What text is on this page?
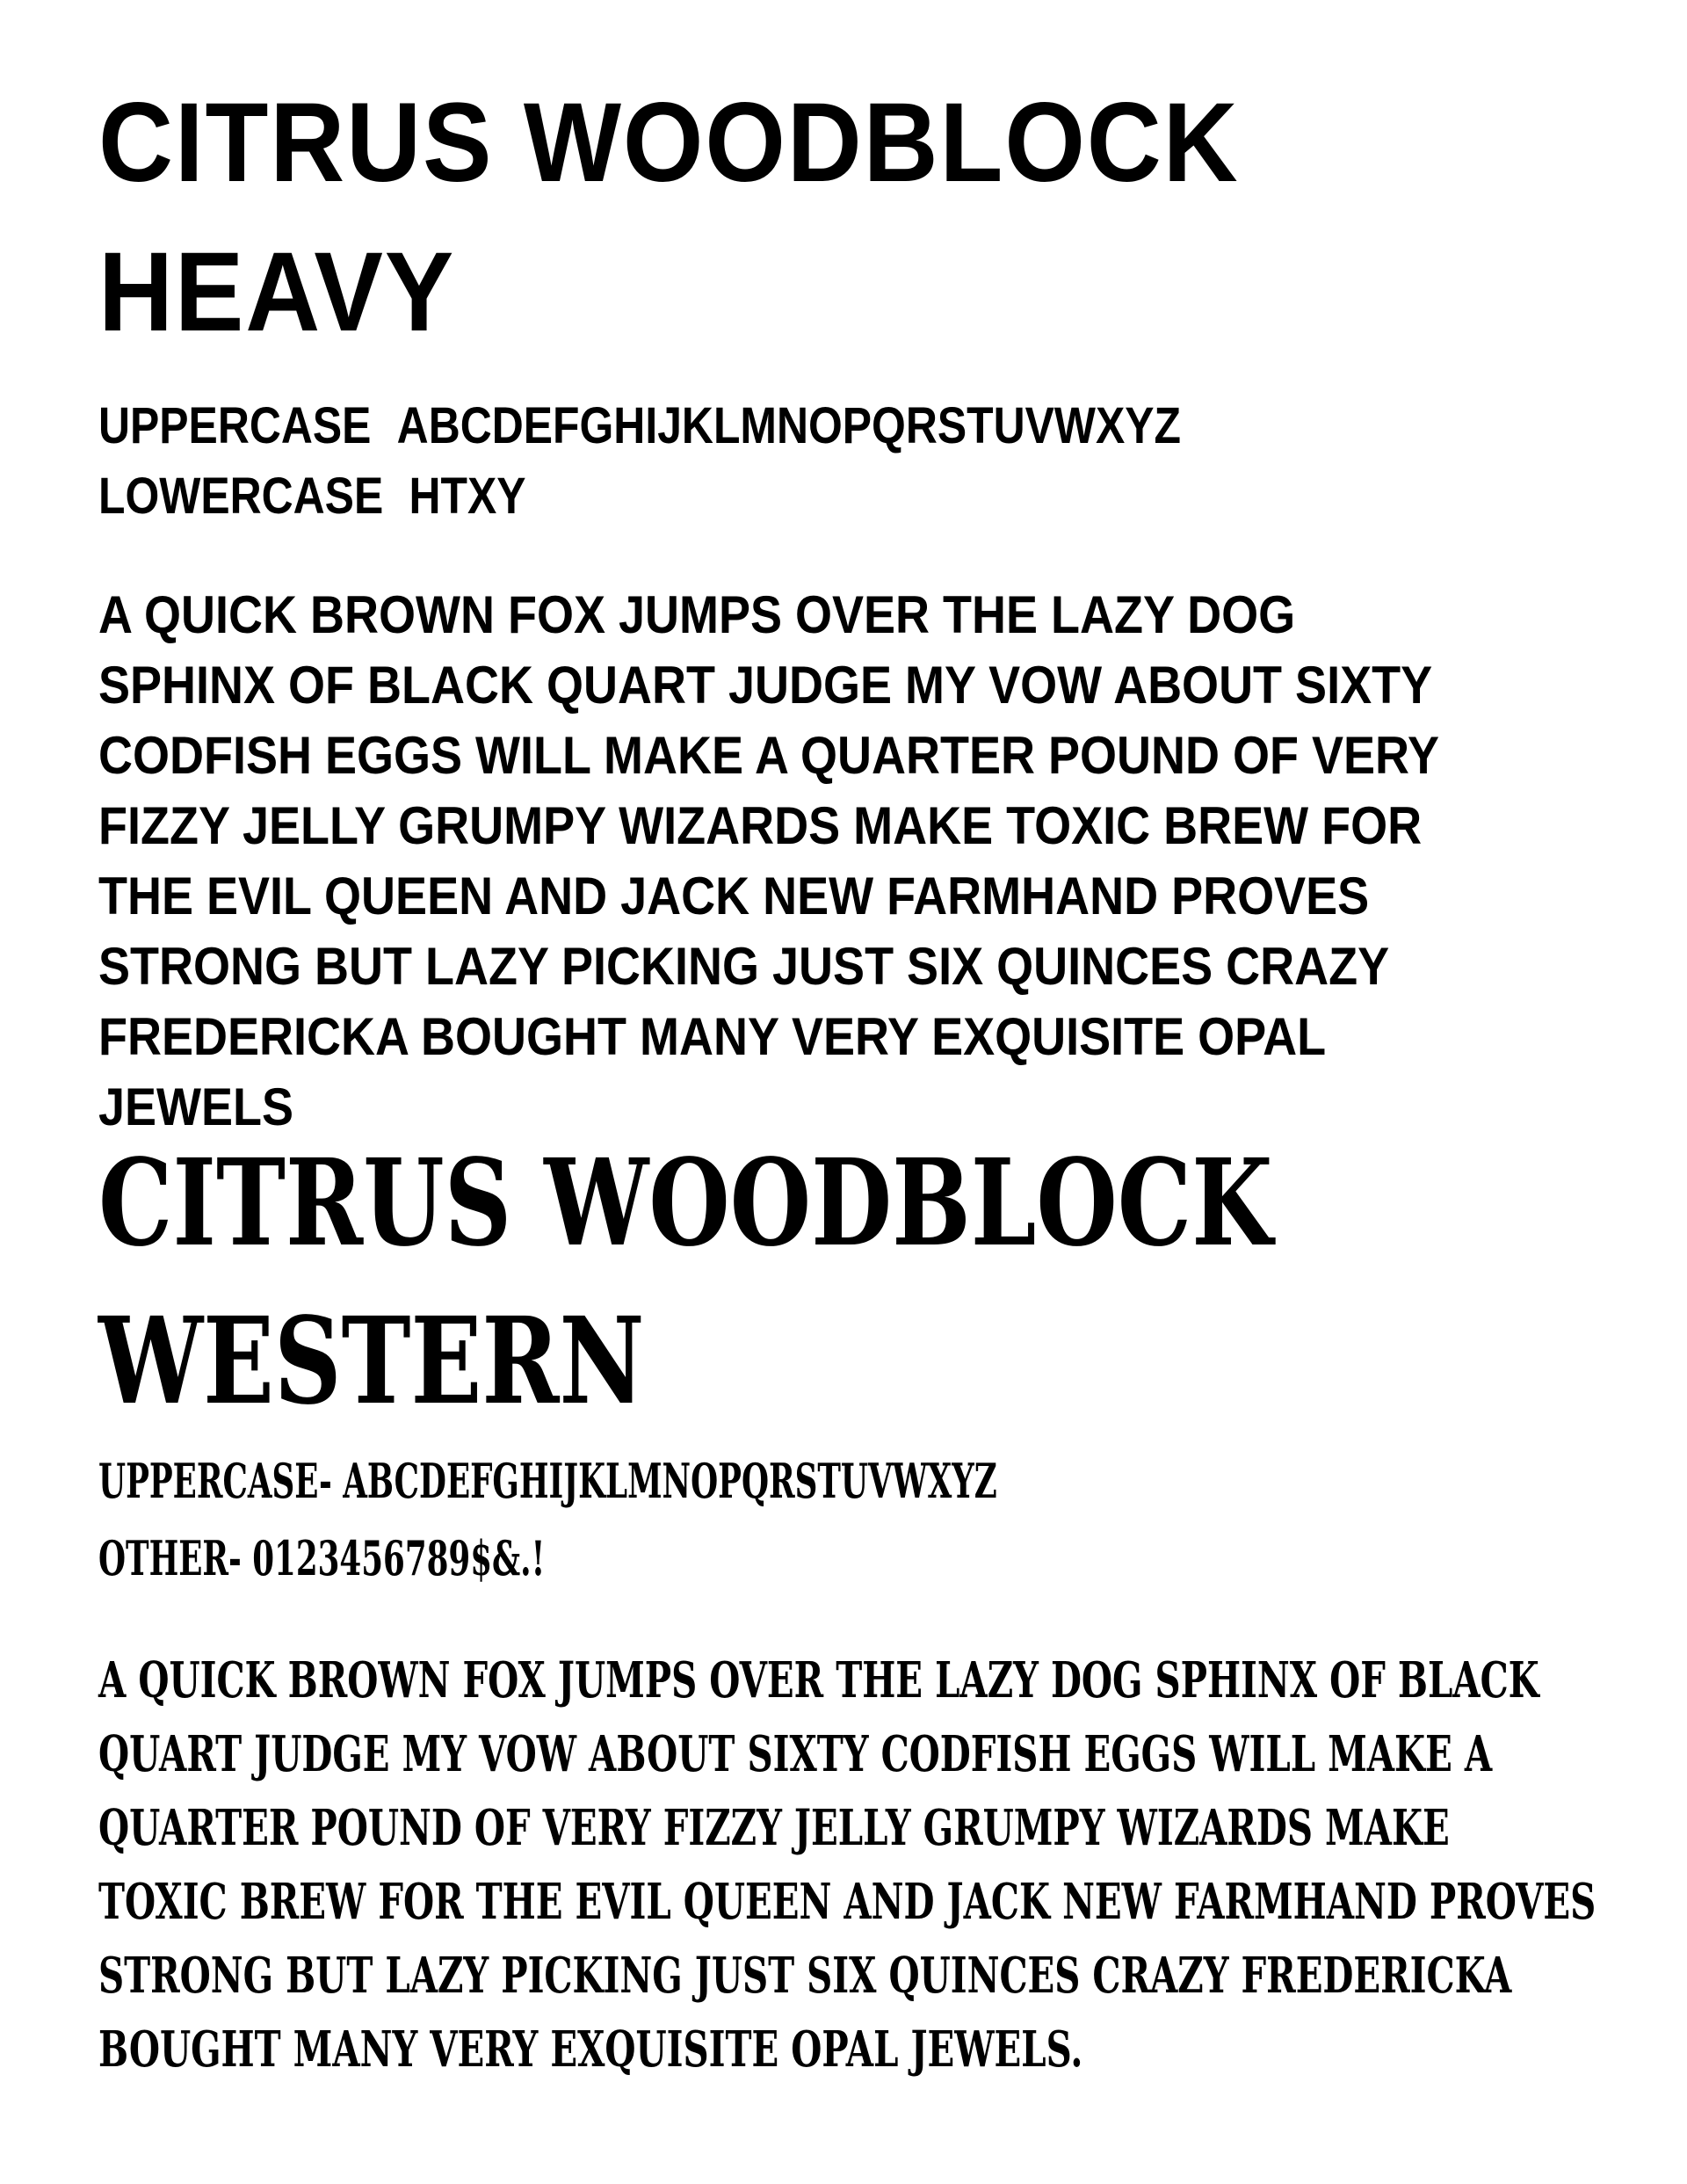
CITRUS WOODBLOCK
HEAVY
UPPERCASE ABCDEFGHIJKLMNOPQRSTUVWXYZ
LOWERCASE HTXY
A QUICK BROWN FOX JUMPS OVER THE LAZY DOG
SPHINX OF BLACK QUART JUDGE MY VOW ABOUT SIXTY
CODFISH EGGS WILL MAKE A QUARTER POUND OF VERY
FIZZY JELLY GRUMPY WIZARDS MAKE TOXIC BREW FOR
THE EVIL QUEEN AND JACK NEW FARMHAND PROVES
STRONG BUT LAZY PICKING JUST SIX QUINCES CRAZY
FREDERICKA BOUGHT MANY VERY EXQUISITE OPAL
JEWELS
CITRUS WOODBLOCK
WESTERN
UPPERCASE- ABCDEFGHIJKLMNOPQRSTUVWXYZ
OTHER- 0123456789$&.!
A QUICK BROWN FOX JUMPS OVER THE LAZY DOG SPHINX OF BLACK
QUART JUDGE MY VOW ABOUT SIXTY CODFISH EGGS WILL MAKE A
QUARTER POUND OF VERY FIZZY JELLY GRUMPY WIZARDS MAKE
TOXIC BREW FOR THE EVIL QUEEN AND JACK NEW FARMHAND PROVES
STRONG BUT LAZY PICKING JUST SIX QUINCES CRAZY FREDERICKA
BOUGHT MANY VERY EXQUISITE OPAL JEWELS.
